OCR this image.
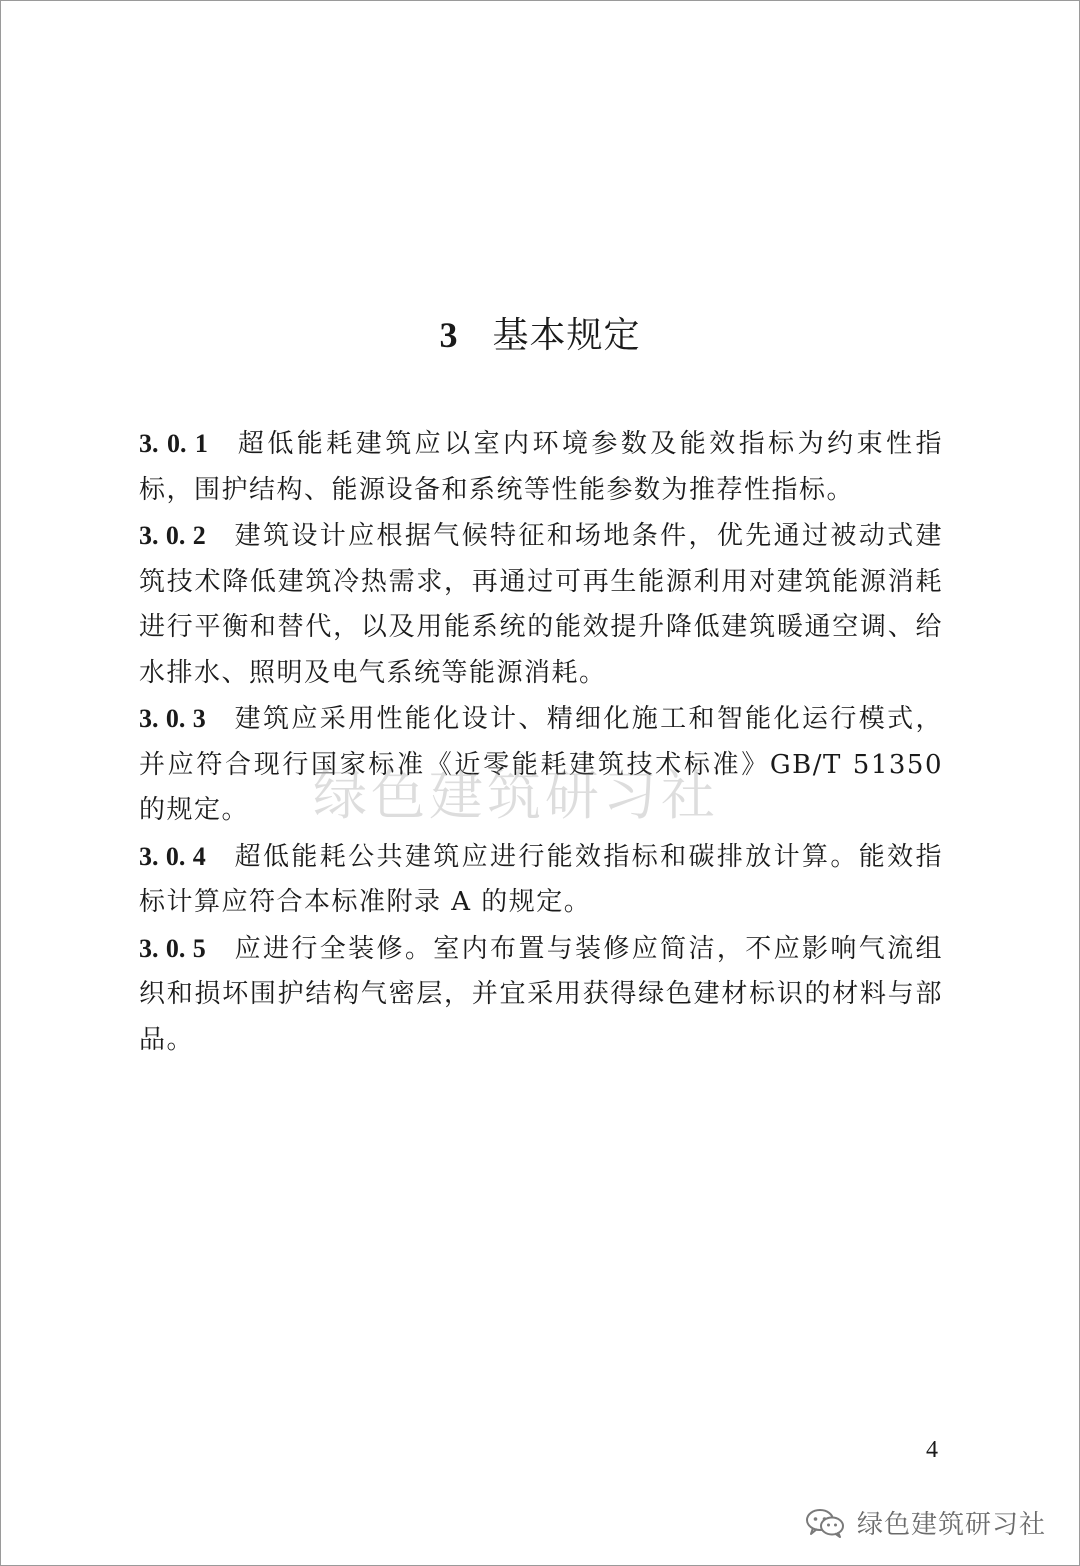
3 基本规定

3. 0. 1 超低能耗建筑应以室内环境参数及能效指标为约束性指标，围护结构、能源设备和系统等性能参数为推荐性指标。

3. 0. 2 建筑设计应根据气候特征和场地条件，优先通过被动式建筑技术降低建筑冷热需求，再通过可再生能源利用对建筑能源消耗进行平衡和替代，以及用能系统的能效提升降低建筑暖通空调、给水排水、照明及电气系统等能源消耗。

3. 0. 3 建筑应采用性能化设计、精细化施工和智能化运行模式，并应符合现行国家标准《近零能耗建筑技术标准》GB/T 51350 的规定。

3. 0. 4 超低能耗公共建筑应进行能效指标和碳排放计算。能效指标计算应符合本标准附录 A 的规定。

3. 0. 5 应进行全装修。室内布置与装修应简洁，不应影响气流组织和损坏围护结构气密层，并宜采用获得绿色建材标识的材料与部品。

绿色建筑研习社
4
绿色建筑研习社
